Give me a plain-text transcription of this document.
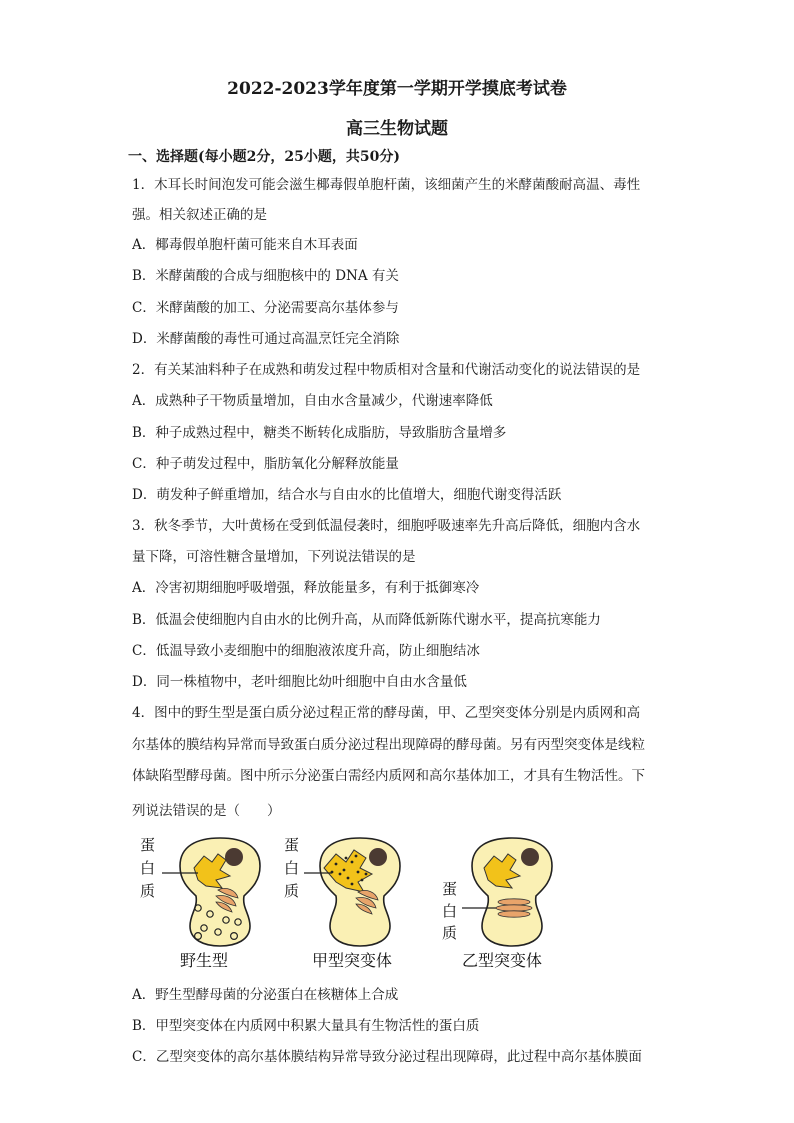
2022-2023学年度第一学期开学摸底考试卷
高三生物试题
一、选择题(每小题2分，25小题，共50分)
1．木耳长时间泡发可能会滋生椰毒假单胞杆菌，该细菌产生的米酵菌酸耐高温、毒性
强。相关叙述正确的是
A．椰毒假单胞杆菌可能来自木耳表面
B．米酵菌酸的合成与细胞核中的 DNA 有关
C．米酵菌酸的加工、分泌需要高尔基体参与
D．米酵菌酸的毒性可通过高温烹饪完全消除
2．有关某油料种子在成熟和萌发过程中物质相对含量和代谢活动变化的说法错误的是
A．成熟种子干物质量增加，自由水含量减少，代谢速率降低
B．种子成熟过程中，糖类不断转化成脂肪，导致脂肪含量增多
C．种子萌发过程中，脂肪氧化分解释放能量
D．萌发种子鲜重增加，结合水与自由水的比值增大，细胞代谢变得活跃
3．秋冬季节，大叶黄杨在受到低温侵袭时，细胞呼吸速率先升高后降低，细胞内含水
量下降，可溶性糖含量增加，下列说法错误的是
A．冷害初期细胞呼吸增强，释放能量多，有利于抵御寒冷
B．低温会使细胞内自由水的比例升高，从而降低新陈代谢水平，提高抗寒能力
C．低温导致小麦细胞中的细胞液浓度升高，防止细胞结冰
D．同一株植物中，老叶细胞比幼叶细胞中自由水含量低
4．图中的野生型是蛋白质分泌过程正常的酵母菌，甲、乙型突变体分别是内质网和高
尔基体的膜结构异常而导致蛋白质分泌过程出现障碍的酵母菌。另有丙型突变体是线粒
体缺陷型酵母菌。图中所示分泌蛋白需经内质网和高尔基体加工，才具有生物活性。下
列说法错误的是（　　）
蛋
白
质
野生型
蛋
白
质
甲型突变体
蛋
白
质
乙型突变体
A．野生型酵母菌的分泌蛋白在核糖体上合成
B．甲型突变体在内质网中积累大量具有生物活性的蛋白质
C．乙型突变体的高尔基体膜结构异常导致分泌过程出现障碍，此过程中高尔基体膜面
